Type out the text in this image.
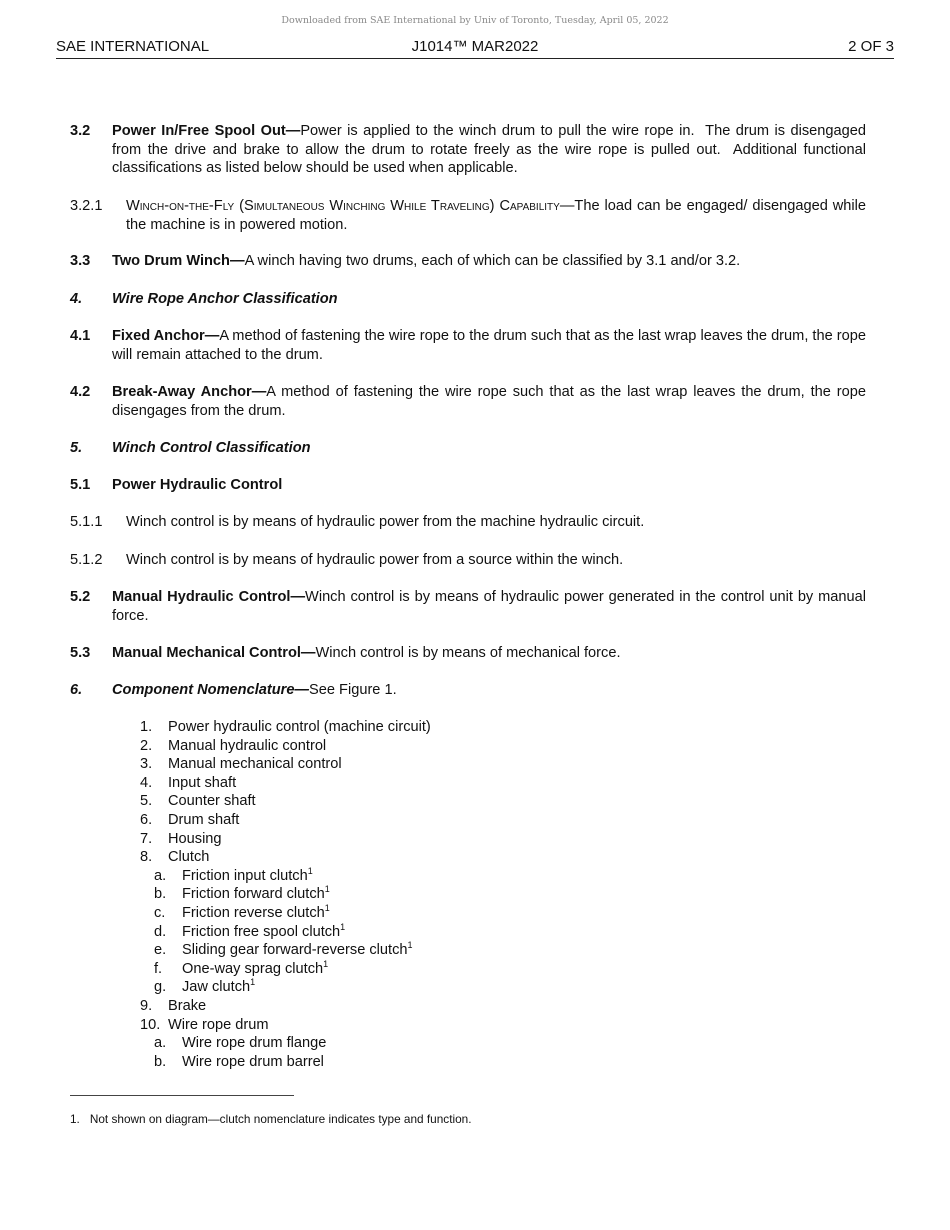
Downloaded from SAE International by Univ of Toronto, Tuesday, April 05, 2022
SAE INTERNATIONAL	J1014™ MAR2022	2 OF 3
3.2 Power In/Free Spool Out—Power is applied to the winch drum to pull the wire rope in.  The drum is disengaged from the drive and brake to allow the drum to rotate freely as the wire rope is pulled out.  Additional functional classifications as listed below should be used when applicable.
3.2.1 Winch-on-the-Fly (Simultaneous Winching While Traveling) Capability—The load can be engaged/ disengaged while the machine is in powered motion.
3.3 Two Drum Winch—A winch having two drums, each of which can be classified by 3.1 and/or 3.2.
4. Wire Rope Anchor Classification
4.1 Fixed Anchor—A method of fastening the wire rope to the drum such that as the last wrap leaves the drum, the rope will remain attached to the drum.
4.2 Break-Away Anchor—A method of fastening the wire rope such that as the last wrap leaves the drum, the rope disengages from the drum.
5. Winch Control Classification
5.1 Power Hydraulic Control
5.1.1 Winch control is by means of hydraulic power from the machine hydraulic circuit.
5.1.2 Winch control is by means of hydraulic power from a source within the winch.
5.2 Manual Hydraulic Control—Winch control is by means of hydraulic power generated in the control unit by manual force.
5.3 Manual Mechanical Control—Winch control is by means of mechanical force.
6. Component Nomenclature—See Figure 1.
1. Power hydraulic control (machine circuit)
2. Manual hydraulic control
3. Manual mechanical control
4. Input shaft
5. Counter shaft
6. Drum shaft
7. Housing
8. Clutch
a. Friction input clutch$^1$
b. Friction forward clutch$^1$
c. Friction reverse clutch$^1$
d. Friction free spool clutch$^1$
e. Sliding gear forward-reverse clutch$^1$
f. One-way sprag clutch$^1$
g. Jaw clutch$^1$
9. Brake
10. Wire rope drum
a. Wire rope drum flange
b. Wire rope drum barrel
1. Not shown on diagram—clutch nomenclature indicates type and function.
